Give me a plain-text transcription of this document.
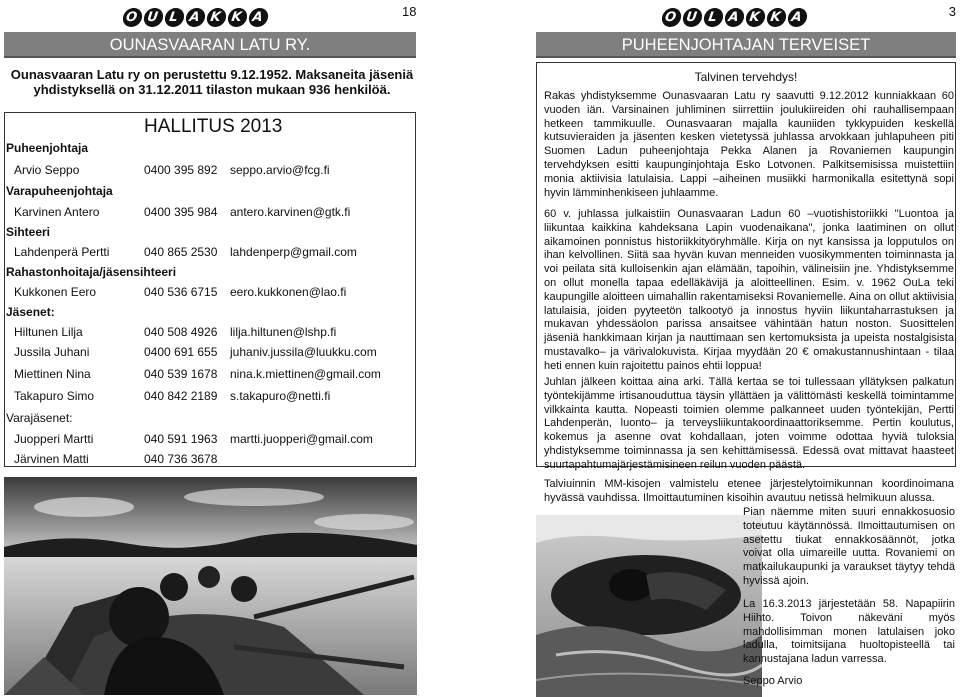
O U L A K K A	18
OUNASVAARAN LATU RY.
Ounasvaaran Latu ry on perustettu 9.12.1952. Maksaneita jäseniä
yhdistyksellä on 31.12.2011 tilaston mukaan 936 henkilöä.
HALLITUS 2013
Puheenjohtaja
Arvio Seppo	0400 395 892 seppo.arvio@fcg.fi
Varapuheenjohtaja
Karvinen Antero	0400 395 984 antero.karvinen@gtk.fi
Sihteeri
Lahdenperä Pertti	040 865 2530 lahdenperp@gmail.com
Rahastonhoitaja/jäsensihteeri
Kukkonen Eero	040 536 6715 eero.kukkonen@lao.fi
Jäsenet:
Hiltunen Lilja	040 508 4926 lilja.hiltunen@lshp.fi
Jussila Juhani	0400 691 655 juhaniv.jussila@luukku.com
Miettinen Nina	040 539 1678 nina.k.miettinen@gmail.com
Takapuro Simo	040 842 2189 s.takapuro@netti.fi
Varajäsenet:
Juopperi Martti	040 591 1963 martti.juopperi@gmail.com
Järvinen Matti	040 736 3678
O U L A K K A	3
PUHEENJOHTAJAN TERVEISET
Talvinen tervehdys!
Rakas yhdistyksemme Ounasvaaran Latu ry saavutti 9.12.2012 kunniakkaan 60 vuoden iän. Varsinainen juhliminen siirrettiin joulukiireiden ohi rauhallisempaan hetkeen tammikuulle. Ounasvaaran majalla kauniiden tykkypuiden keskellä kutsuvieraiden ja jäsenten kesken vietetyssä juhlassa arvokkaan juhlapuheen piti Suomen Ladun puheenjohtaja Pekka Alanen ja Rovaniemen kaupungin tervehdyksen esitti kaupunginjohtaja Esko Lotvonen. Palkitsemisissa muistettiin monia aktiivisia latulaisia. Lappi –aiheinen musiikki harmonikalla esitettynä sopi hyvin lämminhenkiseen juhlaamme.
60 v. juhlassa julkaistiin Ounasvaaran Ladun 60 –vuotishistoriikki "Luontoa ja liikuntaa kaikkina kahdeksana Lapin vuodenaikana", jonka laatiminen on ollut aikamoinen ponnistus historiikkityöryhmälle. Kirja on nyt kansissa ja lopputulos on ihan kelvollinen. Siitä saa hyvän kuvan menneiden vuosikymmenten toiminnasta ja voi peilata sitä kulloisenkin ajan elämään, tapoihin, välineisiin jne. Yhdistyksemme on ollut monella tapaa edelläkävijä ja aloitteellinen. Esim. v. 1962 OuLa teki kaupungille aloitteen uimahallin rakentamiseksi Rovaniemelle. Aina on ollut aktiivisia latulaisia, joiden pyyteetön talkootyö ja innostus hyviin liikuntaharrastuksen ja mukavan yhdessäolon parissa ansaitsee vähintään hatun noston. Suosittelen jäseniä hankkimaan kirjan ja nauttimaan sen kertomuksista ja upeista nostalgisista mustavalko– ja värivalokuvista. Kirjaa myydään 20 € omakustannushintaan - tilaa heti ennen kuin rajoitettu painos ehtii loppua!
Juhlan jälkeen koittaa aina arki. Tällä kertaa se toi tullessaan yllätyksen palkatun työntekijämme irtisanouduttua täysin yllättäen ja välittömästi keskellä toimintamme vilkkainta kautta. Nopeasti toimien olemme palkanneet uuden työntekijän, Pertti Lahdenperän, luonto– ja terveysliikuntakoordinaattoriksemme. Pertin koulutus, kokemus ja asenne ovat kohdallaan, joten voimme odottaa hyviä tuloksia yhdistyksemme toiminnassa ja sen kehittämisessä. Edessä ovat mittavat haasteet suurtapahtumajärjestämisineen reilun vuoden päästä.
Talviuinnin MM-kisojen valmistelu etenee järjestelytoimikunnan koordinoimana hyvässä vauhdissa. Ilmoittautuminen kisoihin avautuu netissä helmikuun alussa.
Pian näemme miten suuri ennakkosuosio toteutuu käytännössä. Ilmoittautumisen on asetettu tiukat ennakkosäännöt, jotka voivat olla uimareille uutta. Rovaniemi on matkailukaupunki ja varaukset täytyy tehdä hyvissä ajoin.
La 16.3.2013 järjestetään 58. Napapiirin Hiihto. Toivon näkeväni myös mahdollisimman monen latulaisen joko ladulla, toimitsijana huoltopisteellä tai kannustajana ladun varressa.
Seppo Arvio
